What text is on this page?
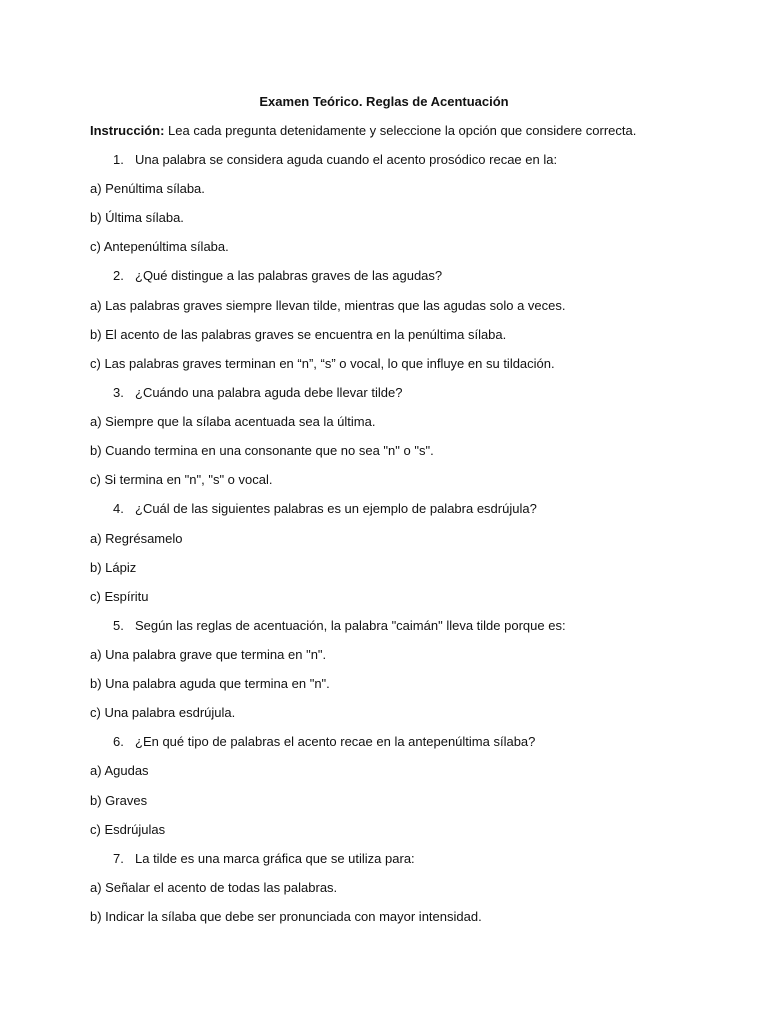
Examen Teórico. Reglas de Acentuación
Instrucción: Lea cada pregunta detenidamente y seleccione la opción que considere correcta.
1. Una palabra se considera aguda cuando el acento prosódico recae en la:
a) Penúltima sílaba.
b) Última sílaba.
c) Antepenúltima sílaba.
2. ¿Qué distingue a las palabras graves de las agudas?
a) Las palabras graves siempre llevan tilde, mientras que las agudas solo a veces.
b) El acento de las palabras graves se encuentra en la penúltima sílaba.
c) Las palabras graves terminan en “n”, “s” o vocal, lo que influye en su tildación.
3. ¿Cuándo una palabra aguda debe llevar tilde?
a) Siempre que la sílaba acentuada sea la última.
b) Cuando termina en una consonante que no sea "n" o "s".
c) Si termina en "n", "s" o vocal.
4. ¿Cuál de las siguientes palabras es un ejemplo de palabra esdrújula?
a) Regrésamelo
b) Lápiz
c) Espíritu
5. Según las reglas de acentuación, la palabra "caimán" lleva tilde porque es:
a) Una palabra grave que termina en "n".
b) Una palabra aguda que termina en "n".
c) Una palabra esdrújula.
6. ¿En qué tipo de palabras el acento recae en la antepenúltima sílaba?
a) Agudas
b) Graves
c) Esdrújulas
7. La tilde es una marca gráfica que se utiliza para:
a) Señalar el acento de todas las palabras.
b) Indicar la sílaba que debe ser pronunciada con mayor intensidad.
